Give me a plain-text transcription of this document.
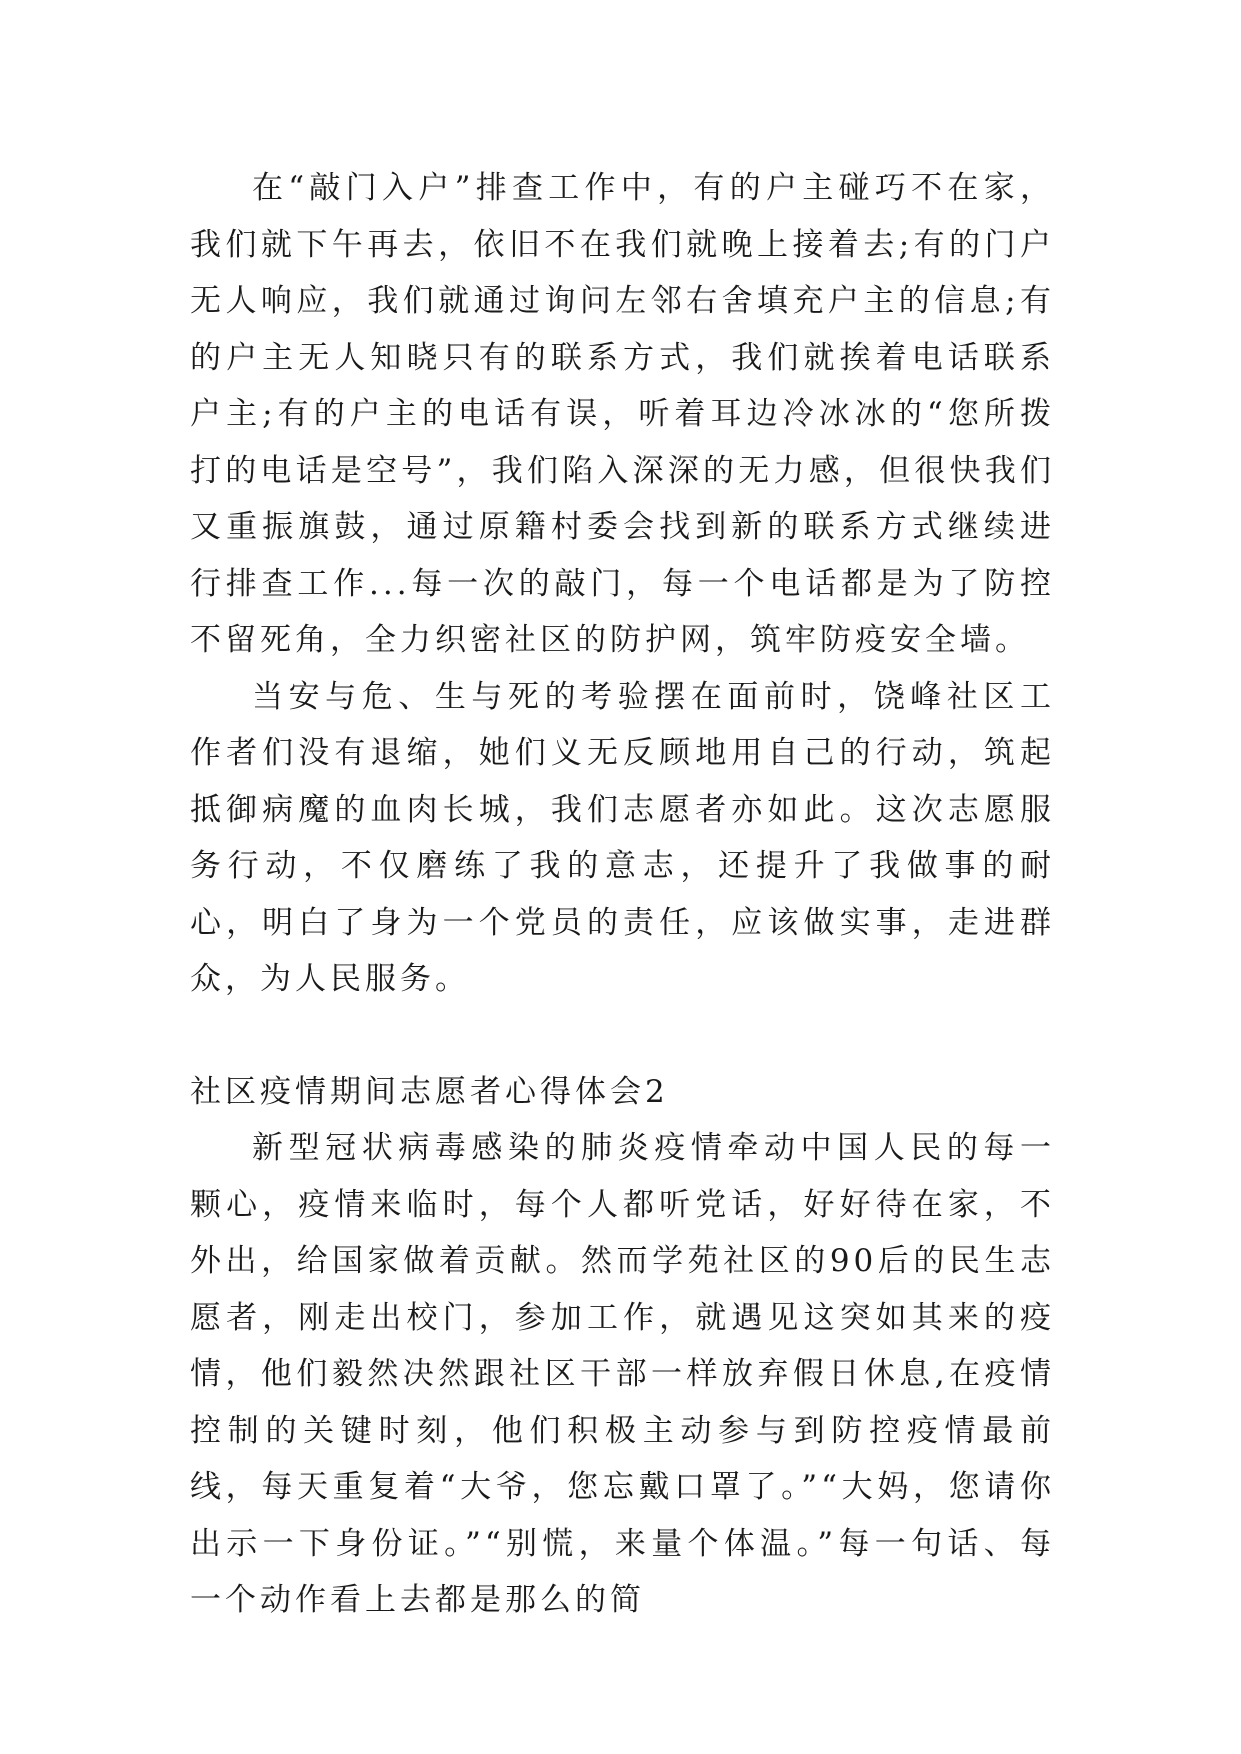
在“敲门入户”排查工作中，有的户主碰巧不在家，我们就下午再去，依旧不在我们就晚上接着去;有的门户无人响应，我们就通过询问左邻右舍填充户主的信息;有的户主无人知晓只有的联系方式，我们就挨着电话联系户主;有的户主的电话有误，听着耳边冷冰冰的“您所拨打的电话是空号”，我们陷入深深的无力感，但很快我们又重振旗鼓，通过原籍村委会找到新的联系方式继续进行排查工作...每一次的敲门，每一个电话都是为了防控不留死角，全力织密社区的防护网，筑牢防疫安全墙。

当安与危、生与死的考验摆在面前时，饶峰社区工作者们没有退缩，她们义无反顾地用自己的行动，筑起抵御病魔的血肉长城，我们志愿者亦如此。这次志愿服务行动，不仅磨练了我的意志，还提升了我做事的耐心，明白了身为一个党员的责任，应该做实事，走进群众，为人民服务。

社区疫情期间志愿者心得体会2

新型冠状病毒感染的肺炎疫情牵动中国人民的每一颗心，疫情来临时，每个人都听党话，好好待在家，不外出，给国家做着贡献。然而学苑社区的90后的民生志愿者，刚走出校门，参加工作，就遇见这突如其来的疫情，他们毅然决然跟社区干部一样放弃假日休息,在疫情控制的关键时刻，他们积极主动参与到防控疫情最前线，每天重复着“大爷，您忘戴口罩了。”“大妈，您请你出示一下身份证。”“别慌，来量个体温。”每一句话、每一个动作看上去都是那么的简
